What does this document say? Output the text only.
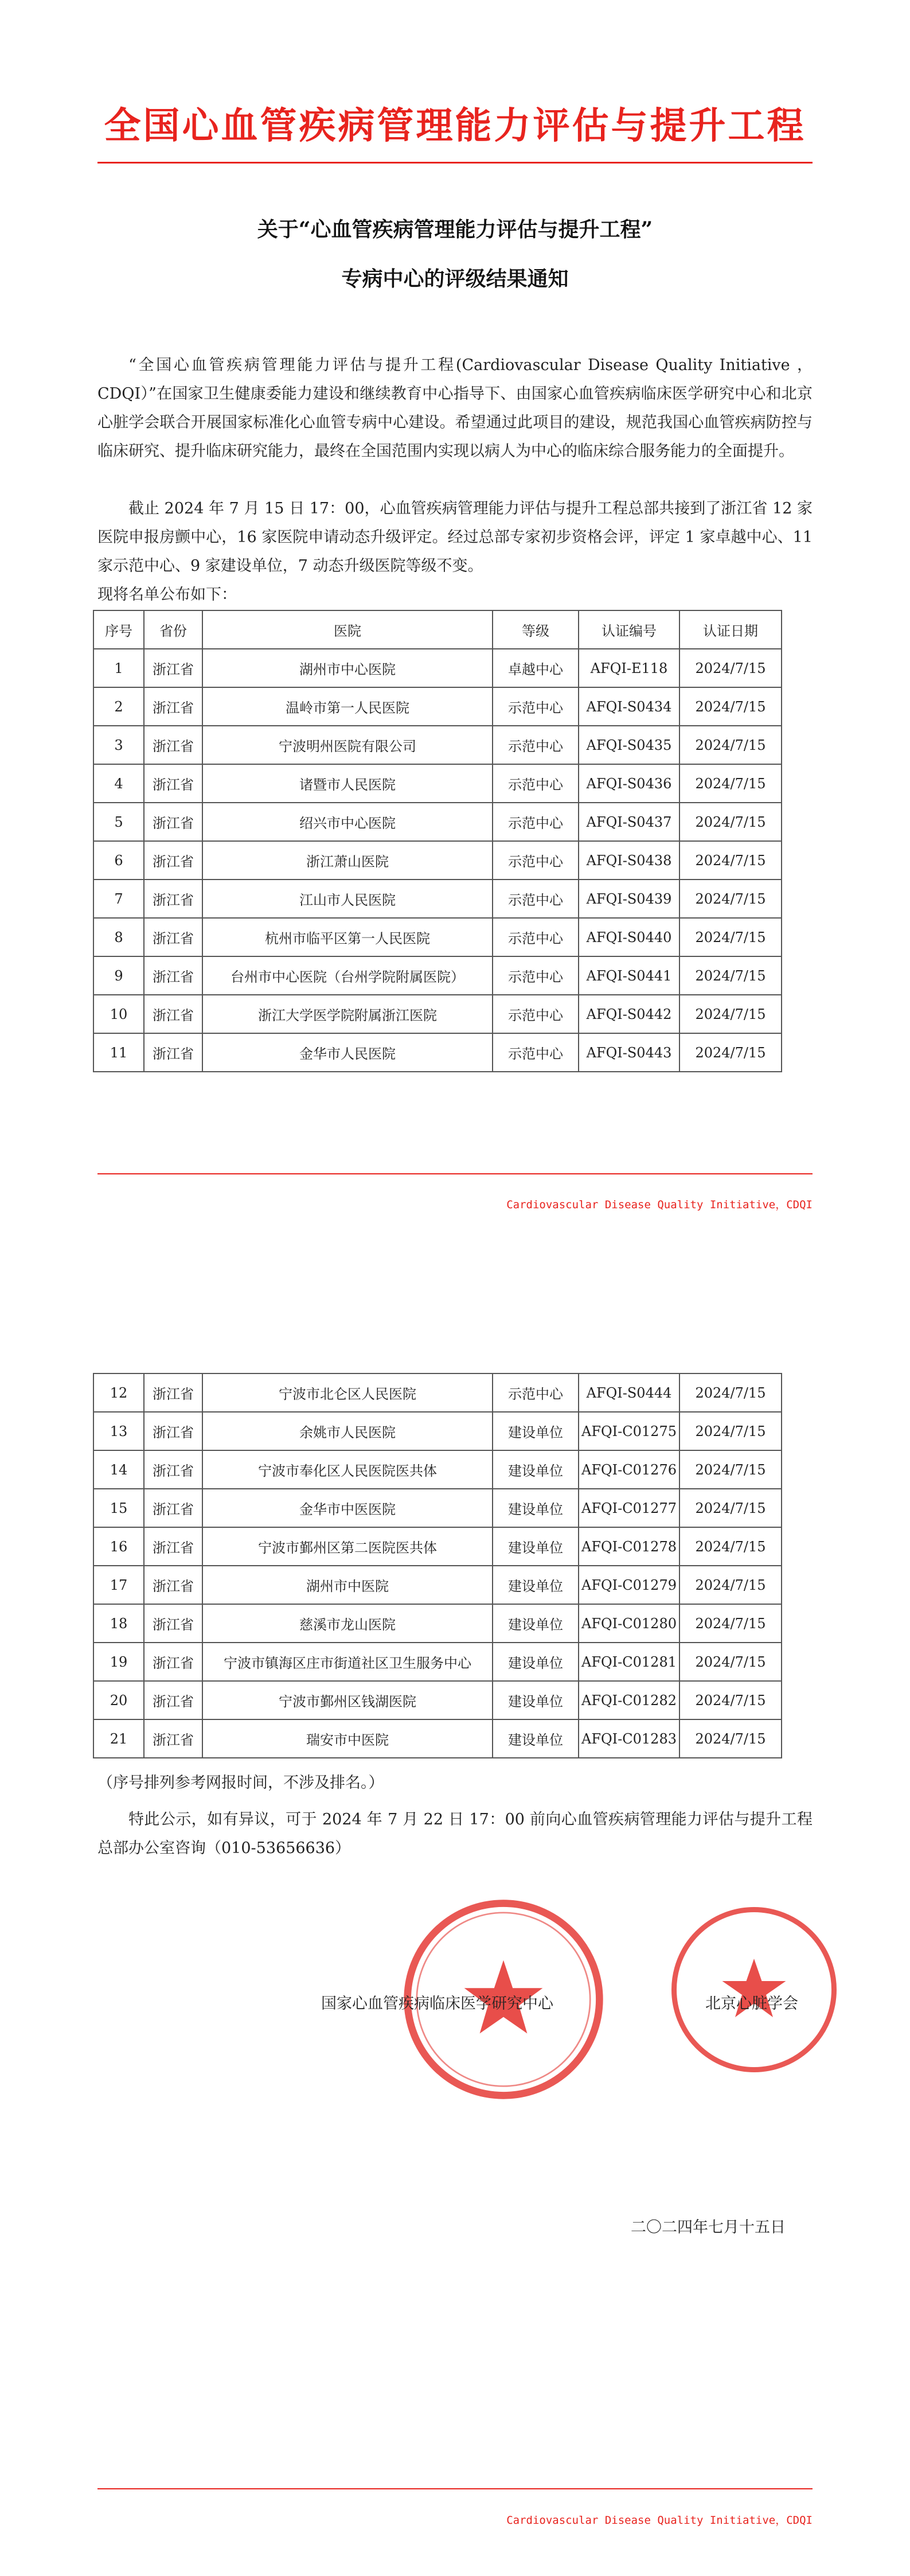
全国心血管疾病管理能力评估与提升工程
关于“心血管疾病管理能力评估与提升工程”
专病中心的评级结果通知

“全国心血管疾病管理能力评估与提升工程(Cardiovascular Disease Quality Initiative ，CDQI）”在国家卫生健康委能力建设和继续教育中心指导下、由国家心血管疾病临床医学研究中心和北京心脏学会联合开展国家标准化心血管专病中心建设。希望通过此项目的建设，规范我国心血管疾病防控与临床研究、提升临床研究能力，最终在全国范围内实现以病人为中心的临床综合服务能力的全面提升。

截止 2024 年 7 月 15 日 17：00，心血管疾病管理能力评估与提升工程总部共接到了浙江省 12 家医院申报房颤中心，16 家医院申请动态升级评定。经过总部专家初步资格会评，评定 1 家卓越中心、11 家示范中心、9 家建设单位，7 动态升级医院等级不变。

现将名单公布如下：
序号	省份	医院	等级	认证编号	认证日期
1	浙江省	湖州市中心医院	卓越中心	AFQI-E118	2024/7/15
2	浙江省	温岭市第一人民医院	示范中心	AFQI-S0434	2024/7/15
3	浙江省	宁波明州医院有限公司	示范中心	AFQI-S0435	2024/7/15
4	浙江省	诸暨市人民医院	示范中心	AFQI-S0436	2024/7/15
5	浙江省	绍兴市中心医院	示范中心	AFQI-S0437	2024/7/15
6	浙江省	浙江萧山医院	示范中心	AFQI-S0438	2024/7/15
7	浙江省	江山市人民医院	示范中心	AFQI-S0439	2024/7/15
8	浙江省	杭州市临平区第一人民医院	示范中心	AFQI-S0440	2024/7/15
9	浙江省	台州市中心医院（台州学院附属医院）	示范中心	AFQI-S0441	2024/7/15
10	浙江省	浙江大学医学院附属浙江医院	示范中心	AFQI-S0442	2024/7/15
11	浙江省	金华市人民医院	示范中心	AFQI-S0443	2024/7/15
Cardiovascular Disease Quality Initiative，CDQI
12	浙江省	宁波市北仑区人民医院	示范中心	AFQI-S0444	2024/7/15
13	浙江省	余姚市人民医院	建设单位	AFQI-C01275	2024/7/15
14	浙江省	宁波市奉化区人民医院医共体	建设单位	AFQI-C01276	2024/7/15
15	浙江省	金华市中医医院	建设单位	AFQI-C01277	2024/7/15
16	浙江省	宁波市鄞州区第二医院医共体	建设单位	AFQI-C01278	2024/7/15
17	浙江省	湖州市中医院	建设单位	AFQI-C01279	2024/7/15
18	浙江省	慈溪市龙山医院	建设单位	AFQI-C01280	2024/7/15
19	浙江省	宁波市镇海区庄市街道社区卫生服务中心	建设单位	AFQI-C01281	2024/7/15
20	浙江省	宁波市鄞州区钱湖医院	建设单位	AFQI-C01282	2024/7/15
21	浙江省	瑞安市中医院	建设单位	AFQI-C01283	2024/7/15
（序号排列参考网报时间，不涉及排名。）

特此公示，如有异议，可于 2024 年 7 月 22 日 17：00 前向心血管疾病管理能力评估与提升工程总部办公室咨询（010-53656636）

国家心血管疾病临床医学研究中心	北京心脏学会
二〇二四年七月十五日
Cardiovascular Disease Quality Initiative，CDQI
